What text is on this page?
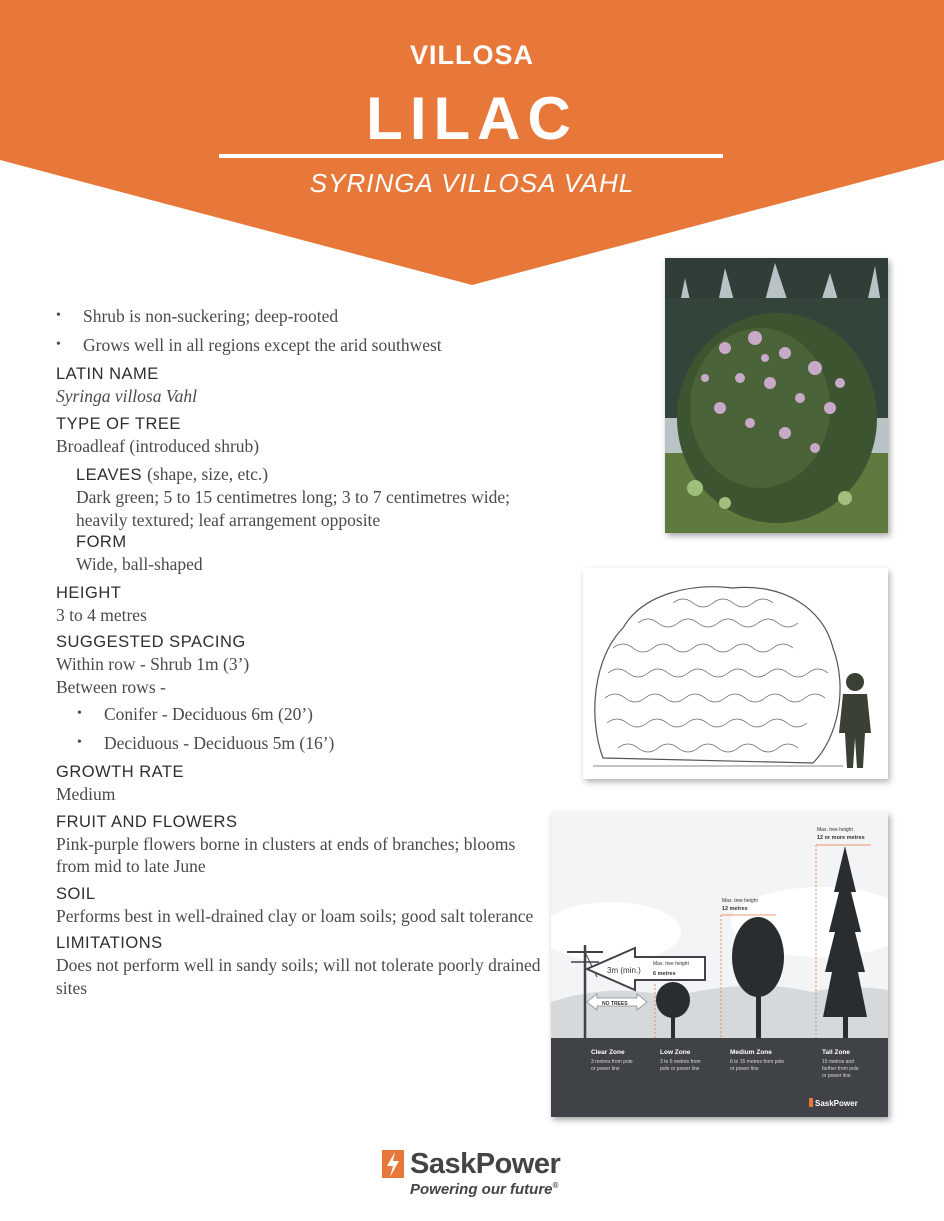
VILLOSA
LILAC
SYRINGA VILLOSA VAHL
• Shrub is non-suckering; deep-rooted
• Grows well in all regions except the arid southwest
LATIN NAME
Syringa villosa Vahl
TYPE OF TREE
Broadleaf (introduced shrub)
LEAVES (shape, size, etc.)
Dark green; 5 to 15 centimetres long; 3 to 7 centimetres wide; heavily textured; leaf arrangement opposite
FORM
Wide, ball-shaped
HEIGHT
3 to 4 metres
SUGGESTED SPACING
Within row - Shrub 1m (3’)
Between rows -
• Conifer - Deciduous 6m (20’)
• Deciduous - Deciduous 5m (16’)
GROWTH RATE
Medium
FRUIT AND FLOWERS
Pink-purple flowers borne in clusters at ends of branches; blooms from mid to late June
SOIL
Performs best in well-drained clay or loam soils; good salt tolerance
LIMITATIONS
Does not perform well in sandy soils; will not tolerate poorly drained sites
3m (min.)
Max. tree height
6 metres
NO TREES
Max. tree height
12 metres
Max. tree height
12 or more metres
Clear Zone
3 metres from pole
or power line
Low Zone
3 to 6 metres from
pole or power line
Medium Zone
6 to 15 metres from pole
or power line
Tall Zone
15 metres and
farther from pole
or power line
SaskPower
SaskPower
Powering our future®
